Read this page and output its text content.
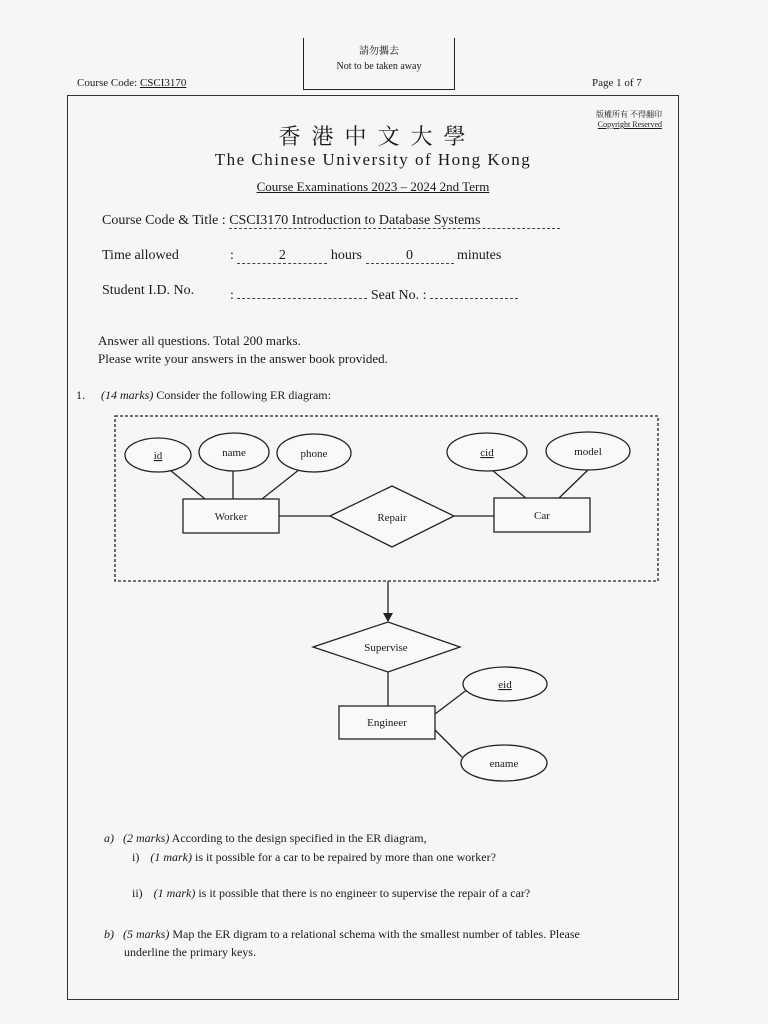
Course Code: CSCI3170
請勿攜去
Not to be taken away
Page 1 of 7
版權所有 不得翻印
Copyright Reserved
香 港 中 文 大 學
The Chinese University of Hong Kong
Course Examinations 2023 – 2024 2nd Term
Course Code & Title : CSCI3170 Introduction to Database Systems
Time allowed	:	2	hours	0	minutes
Student I.D. No.	:	Seat No. :
Answer all questions. Total 200 marks.
Please write your answers in the answer book provided.
1. (14 marks) Consider the following ER diagram:
id	name	phone	cid	model
Worker	Repair	Car
Supervise
Engineer
eid
ename
a) (2 marks) According to the design specified in the ER diagram,
i) (1 mark) is it possible for a car to be repaired by more than one worker?
ii) (1 mark) is it possible that there is no engineer to supervise the repair of a car?
b) (5 marks) Map the ER digram to a relational schema with the smallest number of tables. Please
underline the primary keys.
